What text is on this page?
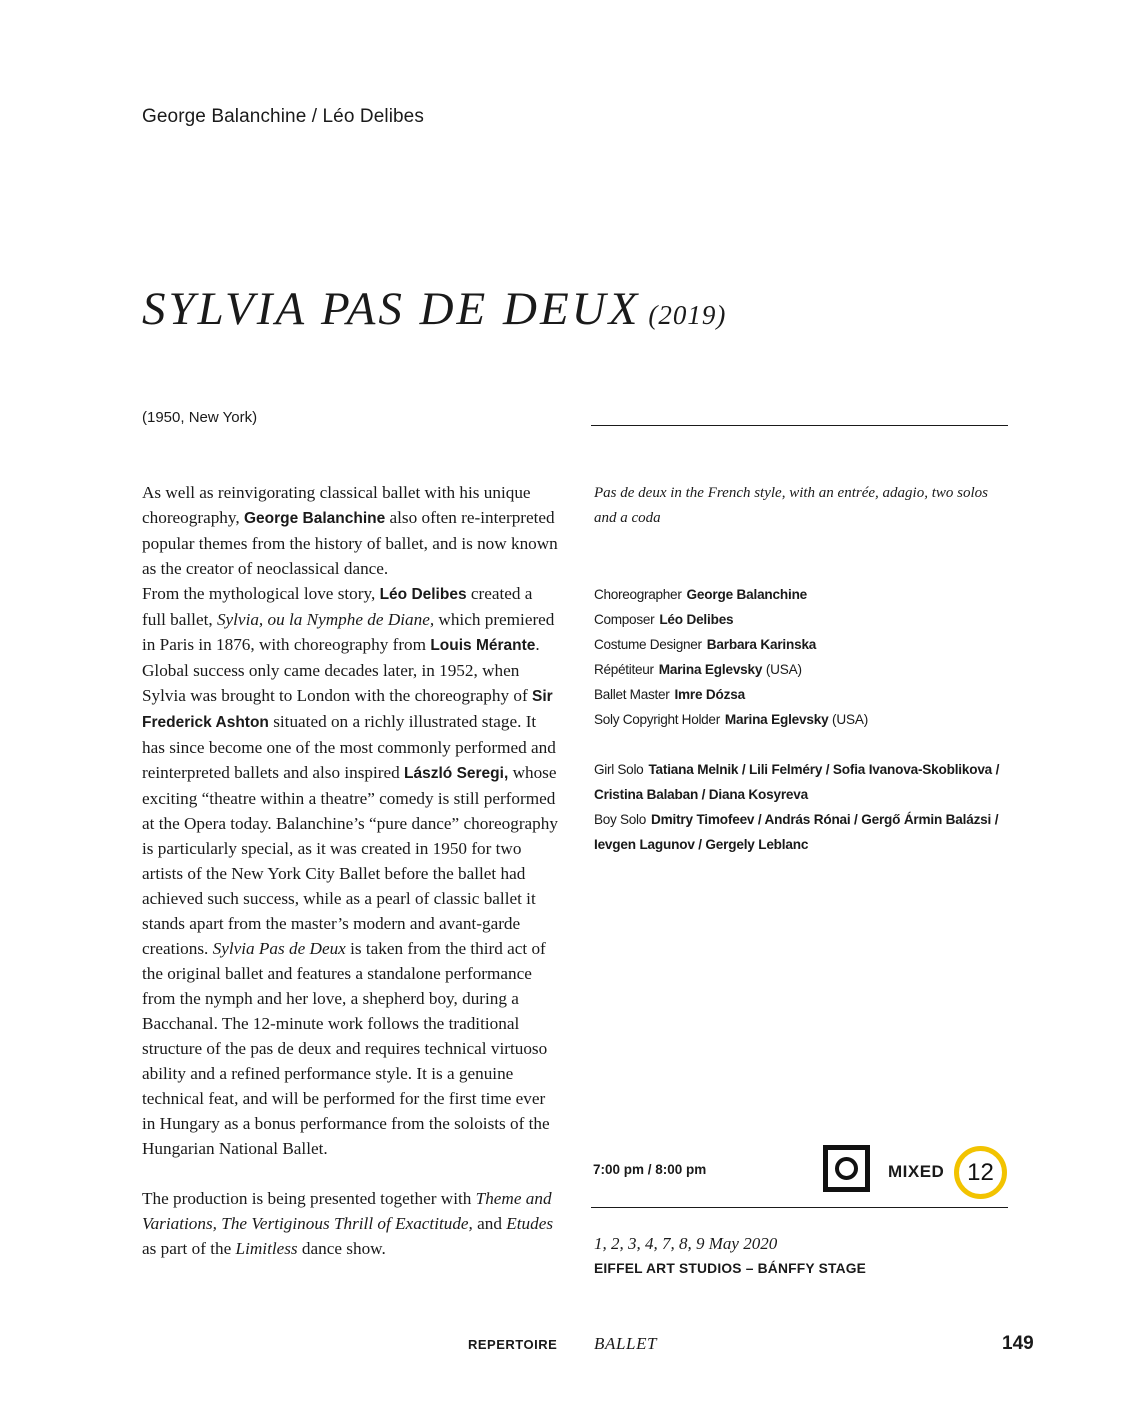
George Balanchine / Léo Delibes
SYLVIA PAS DE DEUX (2019)
(1950, New York)

As well as reinvigorating classical ballet with his unique choreography, George Balanchine also often re-interpreted popular themes from the history of ballet, and is now known as the creator of neoclassical dance.

From the mythological love story, Léo Delibes created a full ballet, Sylvia, ou la Nymphe de Diane, which premiered in Paris in 1876, with choreography from Louis Mérante. Global success only came decades later, in 1952, when Sylvia was brought to London with the choreography of Sir Frederick Ashton situated on a richly illustrated stage. It has since become one of the most commonly performed and reinterpreted ballets and also inspired László Seregi, whose exciting “theatre within a theatre” comedy is still performed at the Opera today. Balanchine’s “pure dance” choreography is particularly special, as it was created in 1950 for two artists of the New York City Ballet before the ballet had achieved such success, while as a pearl of classic ballet it stands apart from the master’s modern and avant-garde creations. Sylvia Pas de Deux is taken from the third act of the original ballet and features a standalone performance from the nymph and her love, a shepherd boy, during a Bacchanal. The 12-minute work follows the traditional structure of the pas de deux and requires technical virtuoso ability and a refined performance style. It is a genuine technical feat, and will be performed for the first time ever in Hungary as a bonus performance from the soloists of the Hungarian National Ballet.

The production is being presented together with Theme and Variations, The Vertiginous Thrill of Exactitude, and Etudes as part of the Limitless dance show.

Pas de deux in the French style, with an entrée, adagio, two solos and a coda
Choreographer George Balanchine
Composer Léo Delibes
Costume Designer Barbara Karinska
Répétiteur Marina Eglevsky (USA)
Ballet Master Imre Dózsa
Soly Copyright Holder Marina Eglevsky (USA)
Girl Solo Tatiana Melnik / Lili Felméry / Sofia Ivanova-Skoblikova / Cristina Balaban / Diana Kosyreva
Boy Solo Dmitry Timofeev / András Rónai / Gergő Ármin Balázsi / Ievgen Lagunov / Gergely Leblanc
7:00 pm / 8:00 pm	MIXED 12
1, 2, 3, 4, 7, 8, 9 May 2020
EIFFEL ART STUDIOS – BÁNFFY STAGE
REPERTOIRE BALLET	149
